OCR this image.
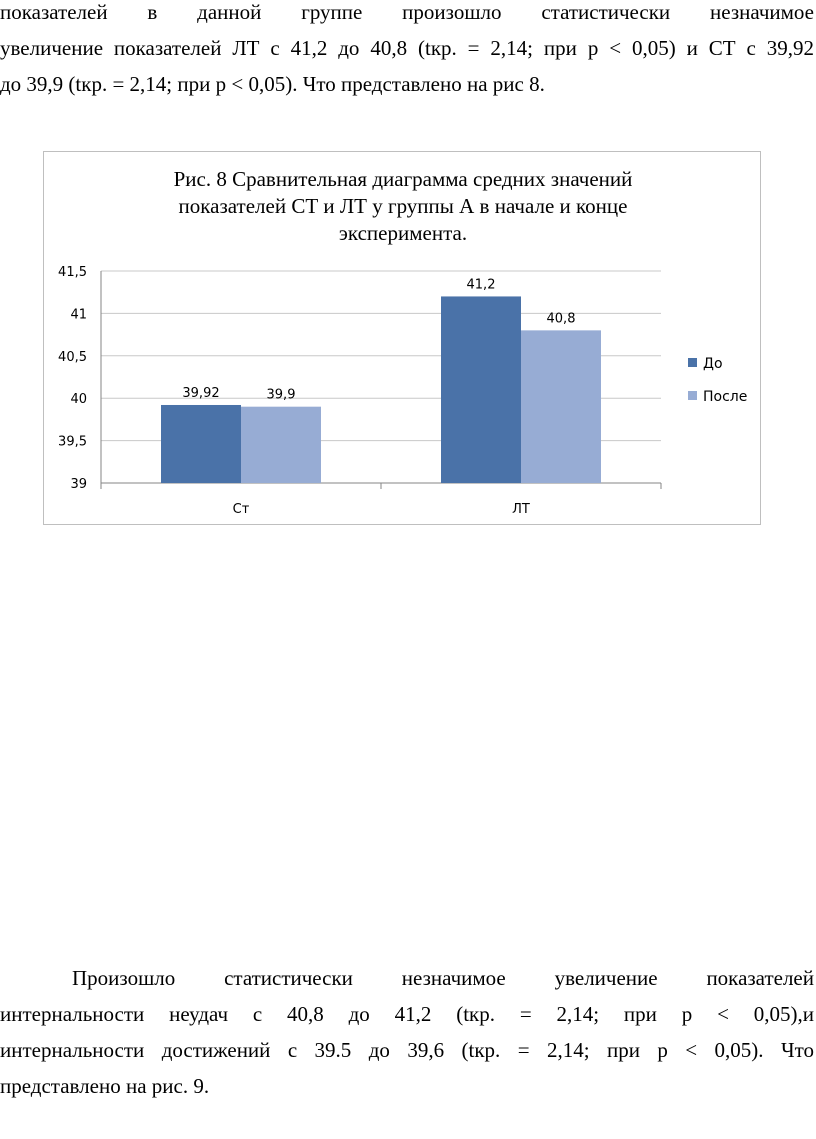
показателей в данной группе произошло статистически незначимое
увеличение показателей ЛТ с 41,2 до 40,8 (tкр. = 2,14; при p < 0,05) и СТ с 39,92
до 39,9 (tкр. = 2,14; при p < 0,05). Что представлено на рис 8.
Рис. 8 Сравнительная диаграмма средних значений
показателей СТ и ЛТ у группы А в начале и конце
эксперимента.
39
39,5
40
40,5
41
41,5
39,92	39,9
Ст
41,2
40,8
ЛТ
До
После
Произошло статистически незначимое увеличение показателей
интернальности неудач с 40,8 до 41,2 (tкр. = 2,14; при p < 0,05),и
интернальности достижений с 39.5 до 39,6 (tкр. = 2,14; при p < 0,05). Что
представлено на рис. 9.
